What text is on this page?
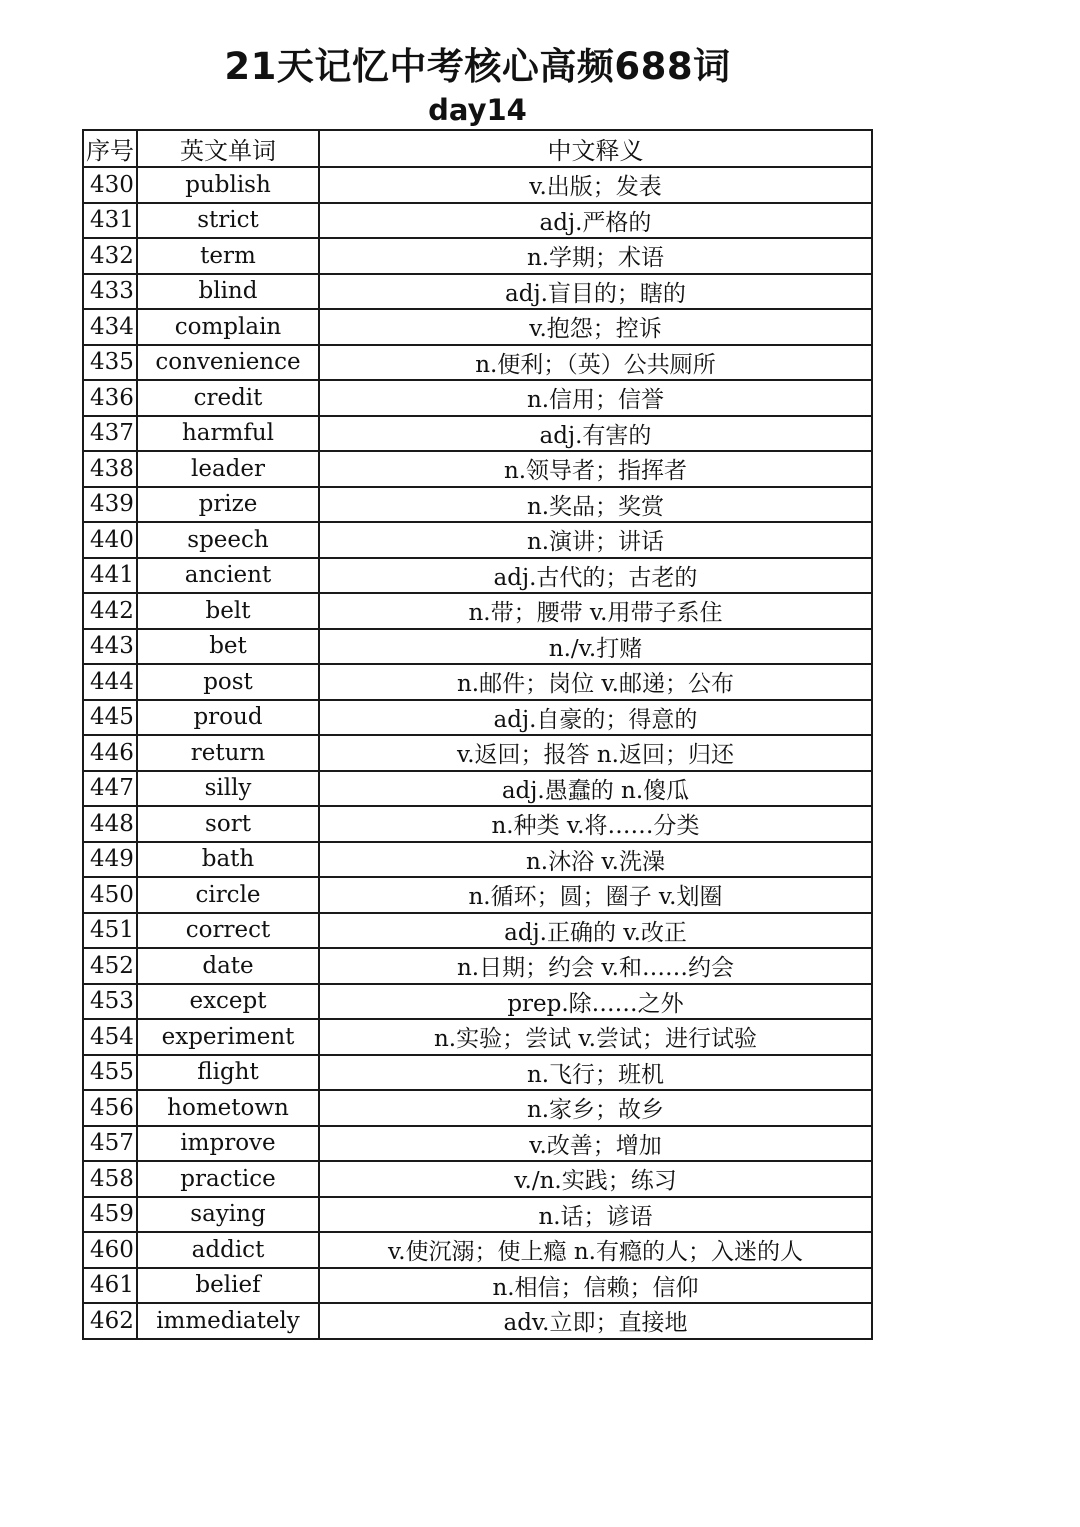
21天记忆中考核心高频688词
day14
序号	英文单词	中文释义
430	publish	v.出版；发表
431	strict	adj.严格的
432	term	n.学期；术语
433	blind	adj.盲目的；瞎的
434	complain	v.抱怨；控诉
435	convenience	n.便利；（英）公共厕所
436	credit	n.信用；信誉
437	harmful	adj.有害的
438	leader	n.领导者；指挥者
439	prize	n.奖品；奖赏
440	speech	n.演讲；讲话
441	ancient	adj.古代的；古老的
442	belt	n.带；腰带 v.用带子系住
443	bet	n./v.打赌
444	post	n.邮件；岗位 v.邮递；公布
445	proud	adj.自豪的；得意的
446	return	v.返回；报答 n.返回；归还
447	silly	adj.愚蠢的 n.傻瓜
448	sort	n.种类 v.将……分类
449	bath	n.沐浴 v.洗澡
450	circle	n.循环；圆；圈子 v.划圈
451	correct	adj.正确的 v.改正
452	date	n.日期；约会 v.和……约会
453	except	prep.除……之外
454	experiment	n.实验；尝试 v.尝试；进行试验
455	flight	n.飞行；班机
456	hometown	n.家乡；故乡
457	improve	v.改善；增加
458	practice	v./n.实践；练习
459	saying	n.话；谚语
460	addict	v.使沉溺；使上瘾 n.有瘾的人；入迷的人
461	belief	n.相信；信赖；信仰
462	immediately	adv.立即；直接地
